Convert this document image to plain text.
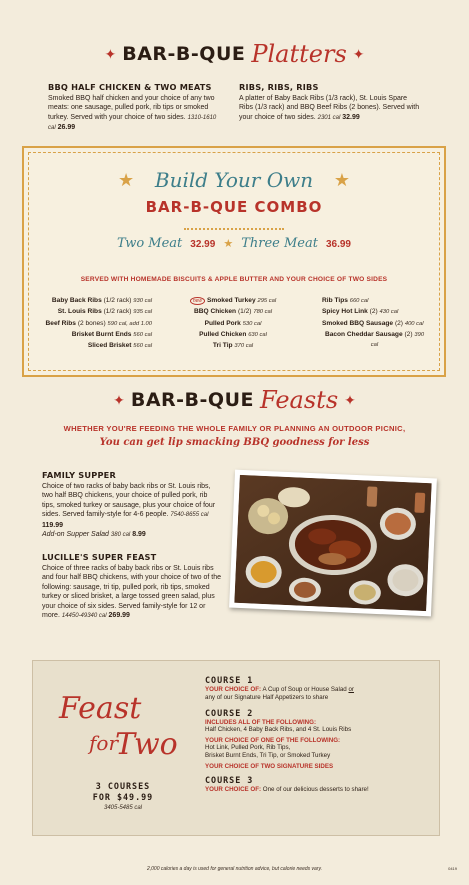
✦ BAR-B-QUE Platters ✦
BBQ HALF CHICKEN & TWO MEATS
Smoked BBQ half chicken and your choice of any two meats: one sausage, pulled pork, rib tips or smoked turkey. Served with your choice of two sides. 1310-1610 cal 26.99
RIBS, RIBS, RIBS
A platter of Baby Back Ribs (1/3 rack), St. Louis Spare Ribs (1/3 rack) and BBQ Beef Ribs (2 bones). Served with your choice of two sides. 2301 cal 32.99
★	★
Build Your Own
BAR-B-QUE COMBO
Two Meat 32.99 ★ Three Meat 36.99
SERVED WITH HOMEMADE BISCUITS & APPLE BUTTER AND YOUR CHOICE OF TWO SIDES
Baby Back Ribs (1/2 rack) 930 cal
St. Louis Ribs (1/2 rack) 935 cal
Beef Ribs (2 bones) 590 cal, add 1.00
Brisket Burnt Ends 560 cal
Sliced Brisket 560 cal
new Smoked Turkey 295 cal
BBQ Chicken (1/2) 780 cal
Pulled Pork 530 cal
Pulled Chicken 630 cal
Tri Tip 370 cal
Rib Tips 660 cal
Spicy Hot Link (2) 430 cal
Smoked BBQ Sausage (2) 400 cal
Bacon Cheddar Sausage (2) 390 cal
✦ BAR-B-QUE Feasts ✦
WHETHER YOU'RE FEEDING THE WHOLE FAMILY OR PLANNING AN OUTDOOR PICNIC,
You can get lip smacking BBQ goodness for less
FAMILY SUPPER
Choice of two racks of baby back ribs or St. Louis ribs, two half BBQ chickens, your choice of pulled pork, rib tips, smoked turkey or sausage, plus your choice of four sides. Served family-style for 4-6 people. 7540-8655 cal 119.99
Add-on Supper Salad 380 cal 8.99
LUCILLE'S SUPER FEAST
Choice of three racks of baby back ribs or St. Louis ribs and four half BBQ chickens, with your choice of two of the following: sausage, tri tip, pulled pork, rib tips, smoked turkey or sliced brisket, a large tossed green salad, plus your choice of six sides. Served family-style for 12 or more. 14450-49340 cal 269.99
Feast
for
Two
3 COURSES
FOR $49.99
3405-5485 cal
COURSE 1
YOUR CHOICE OF: A Cup of Soup or House Salad or
any of our Signature Half Appetizers to share
COURSE 2
INCLUDES ALL OF THE FOLLOWING:
Half Chicken, 4 Baby Back Ribs, and 4 St. Louis Ribs
YOUR CHOICE OF ONE OF THE FOLLOWING:
Hot Link, Pulled Pork, Rib Tips,
Brisket Burnt Ends, Tri Tip, or Smoked Turkey
YOUR CHOICE OF TWO SIGNATURE SIDES
COURSE 3
YOUR CHOICE OF: One of our delicious desserts to share!
2,000 calories a day is used for general nutrition advice, but calorie needs vary.	0419
